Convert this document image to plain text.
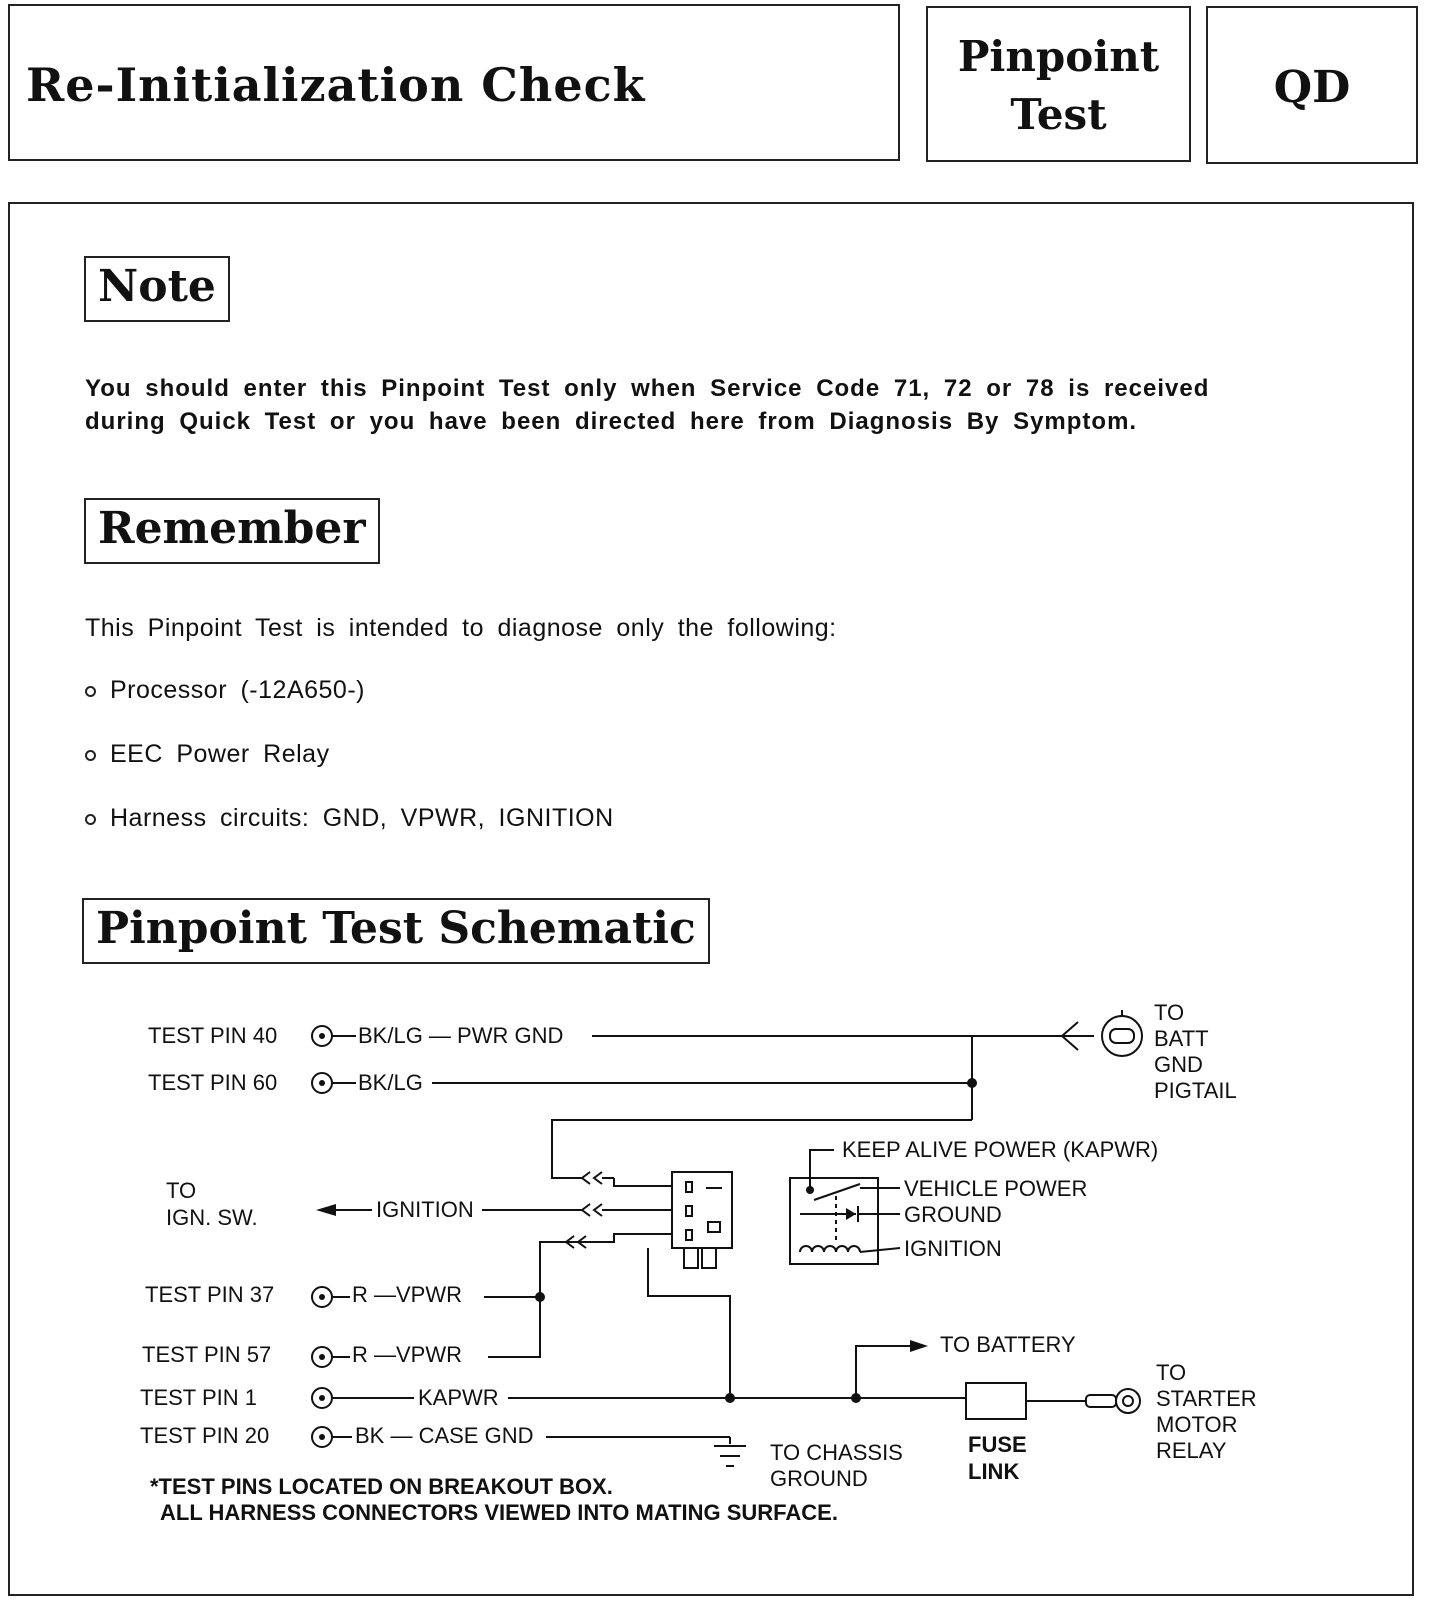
Re-Initialization Check
Pinpoint
Test
QD
Note
You should enter this Pinpoint Test only when Service Code 71, 72 or 78 is received during Quick Test or you have been directed here from Diagnosis By Symptom.
Remember
This Pinpoint Test is intended to diagnose only the following:
Processor (-12A650-)
EEC Power Relay
Harness circuits: GND, VPWR, IGNITION
Pinpoint Test Schematic
TEST PIN 40
TEST PIN 60
TEST PIN 37
TEST PIN 57
TEST PIN 1
TEST PIN 20
BK/LG — PWR GND
BK/LG
R —VPWR
R —VPWR
KAPWR
BK — CASE GND
TO
BATT
GND
PIGTAIL
TO
IGN. SW.	IGNITION
TO BATTERY
FUSE
LINK
TO
STARTER
MOTOR
RELAY
TO CHASSIS
GROUND
KEEP ALIVE POWER (KAPWR)
VEHICLE POWER
GROUND
IGNITION
*TEST PINS LOCATED ON BREAKOUT BOX.
ALL HARNESS CONNECTORS VIEWED INTO MATING SURFACE.
